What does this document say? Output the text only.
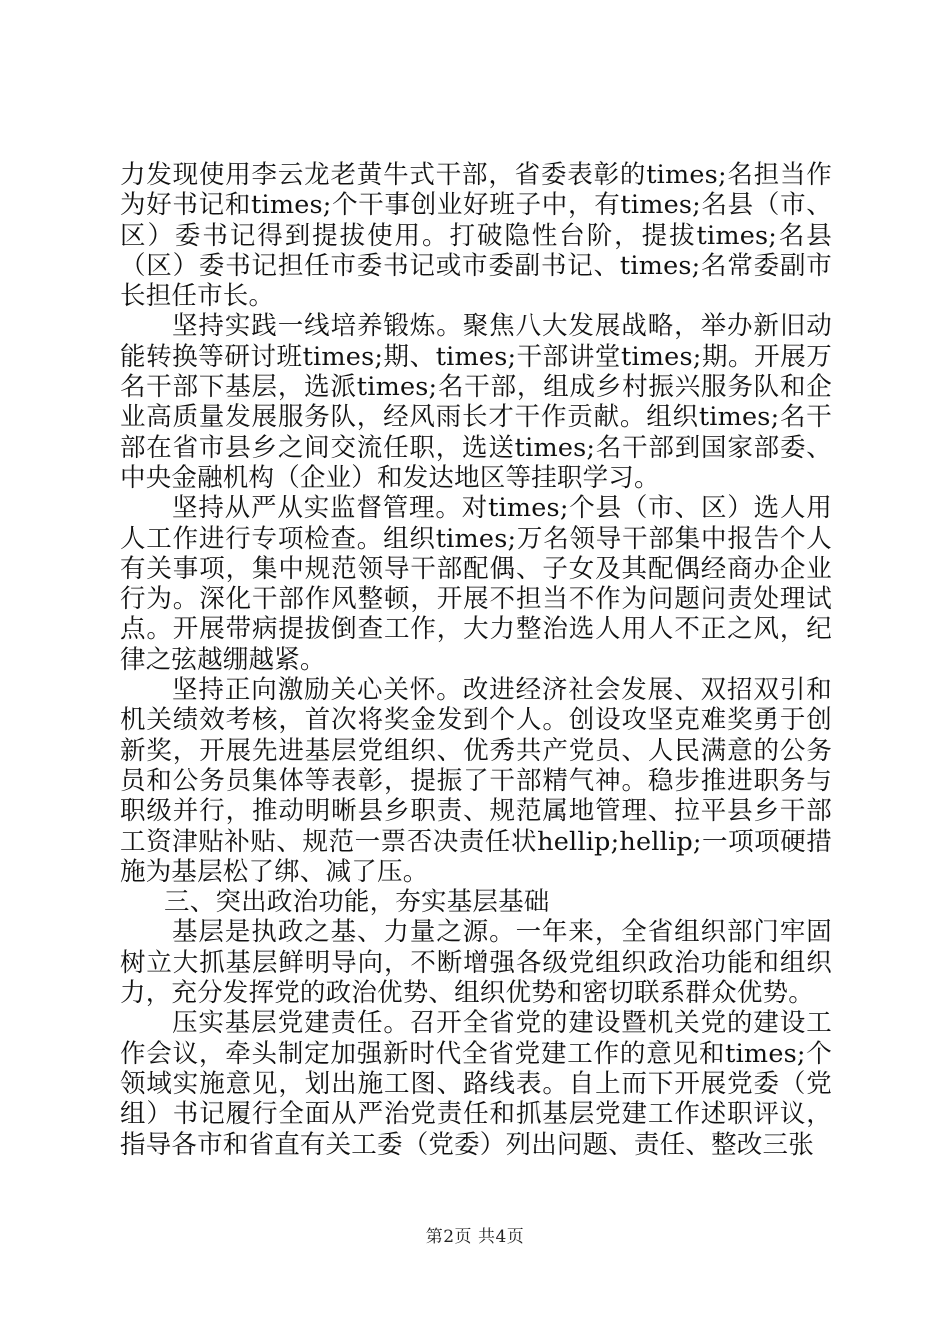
力发现使用李云龙老黄牛式干部，省委表彰的times;名担当作为好书记和times;个干事创业好班子中，有times;名县（市、区）委书记得到提拔使用。打破隐性台阶，提拔times;名县（区）委书记担任市委书记或市委副书记、times;名常委副市长担任市长。

坚持实践一线培养锻炼。聚焦八大发展战略，举办新旧动能转换等研讨班times;期、times;干部讲堂times;期。开展万名干部下基层，选派times;名干部，组成乡村振兴服务队和企业高质量发展服务队，经风雨长才干作贡献。组织times;名干部在省市县乡之间交流任职，选送times;名干部到国家部委、中央金融机构（企业）和发达地区等挂职学习。

坚持从严从实监督管理。对times;个县（市、区）选人用人工作进行专项检查。组织times;万名领导干部集中报告个人有关事项，集中规范领导干部配偶、子女及其配偶经商办企业行为。深化干部作风整顿，开展不担当不作为问题问责处理试点。开展带病提拔倒查工作，大力整治选人用人不正之风，纪律之弦越绷越紧。

坚持正向激励关心关怀。改进经济社会发展、双招双引和机关绩效考核，首次将奖金发到个人。创设攻坚克难奖勇于创新奖，开展先进基层党组织、优秀共产党员、人民满意的公务员和公务员集体等表彰，提振了干部精气神。稳步推进职务与职级并行，推动明晰县乡职责、规范属地管理、拉平县乡干部工资津贴补贴、规范一票否决责任状hellip;hellip;一项项硬措施为基层松了绑、减了压。

三、突出政治功能，夯实基层基础

基层是执政之基、力量之源。一年来，全省组织部门牢固树立大抓基层鲜明导向，不断增强各级党组织政治功能和组织力，充分发挥党的政治优势、组织优势和密切联系群众优势。

压实基层党建责任。召开全省党的建设暨机关党的建设工作会议，牵头制定加强新时代全省党建工作的意见和times;个领域实施意见，划出施工图、路线表。自上而下开展党委（党组）书记履行全面从严治党责任和抓基层党建工作述职评议，指导各市和省直有关工委（党委）列出问题、责任、整改三张

第2页 共4页
